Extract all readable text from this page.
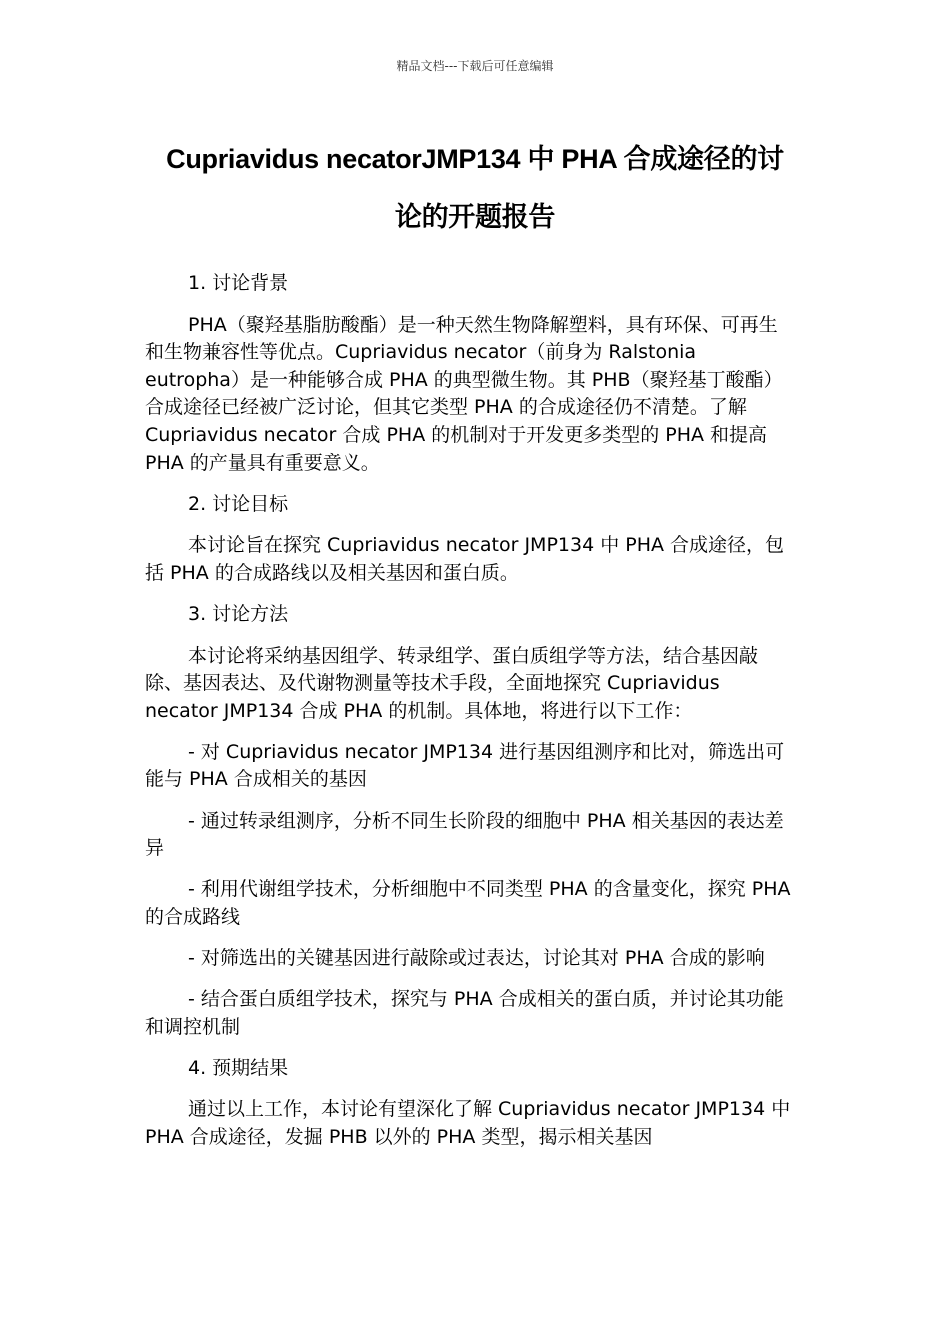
精品文档---下载后可任意编辑
Cupriavidus necatorJMP134 中 PHA 合成途径的讨
论的开题报告

1. 讨论背景

PHA（聚羟基脂肪酸酯）是一种天然生物降解塑料，具有环保、可再生和生物兼容性等优点。Cupriavidus necator（前身为 Ralstonia eutropha）是一种能够合成 PHA 的典型微生物。其 PHB（聚羟基丁酸酯）合成途径已经被广泛讨论，但其它类型 PHA 的合成途径仍不清楚。了解 Cupriavidus necator 合成 PHA 的机制对于开发更多类型的 PHA 和提高 PHA 的产量具有重要意义。

2. 讨论目标

本讨论旨在探究 Cupriavidus necator JMP134 中 PHA 合成途径，包括 PHA 的合成路线以及相关基因和蛋白质。

3. 讨论方法

本讨论将采纳基因组学、转录组学、蛋白质组学等方法，结合基因敲除、基因表达、及代谢物测量等技术手段，全面地探究 Cupriavidus necator JMP134 合成 PHA 的机制。具体地，将进行以下工作：

- 对 Cupriavidus necator JMP134 进行基因组测序和比对，筛选出可能与 PHA 合成相关的基因

- 通过转录组测序，分析不同生长阶段的细胞中 PHA 相关基因的表达差异

- 利用代谢组学技术，分析细胞中不同类型 PHA 的含量变化，探究 PHA 的合成路线

- 对筛选出的关键基因进行敲除或过表达，讨论其对 PHA 合成的影响

- 结合蛋白质组学技术，探究与 PHA 合成相关的蛋白质，并讨论其功能和调控机制

4. 预期结果

通过以上工作，本讨论有望深化了解 Cupriavidus necator JMP134 中 PHA 合成途径，发掘 PHB 以外的 PHA 类型，揭示相关基因
